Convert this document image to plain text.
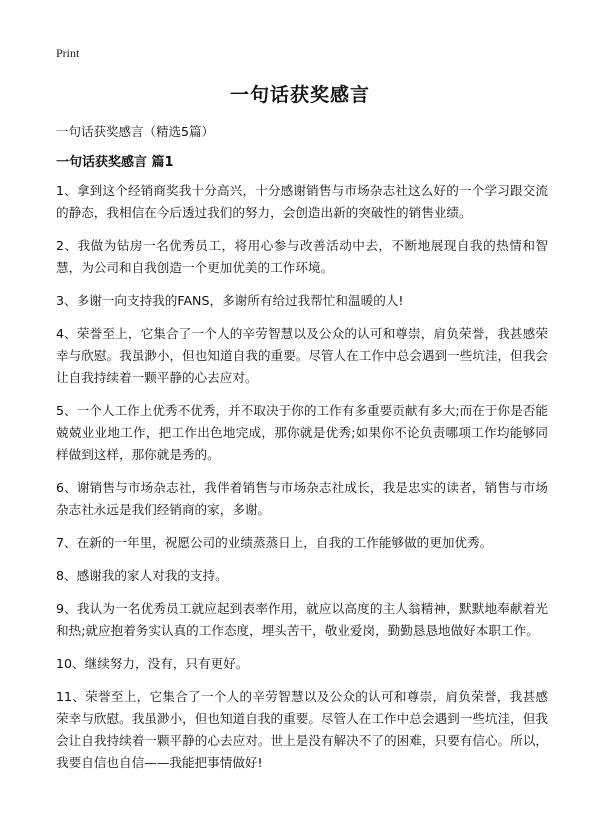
Print
一句话获奖感言
一句话获奖感言（精选5篇）
一句话获奖感言 篇1

1、拿到这个经销商奖我十分高兴，十分感谢销售与市场杂志社这么好的一个学习跟交流的静态，我相信在今后透过我们的努力，会创造出新的突破性的销售业绩。

2、我做为钻房一名优秀员工，将用心参与改善活动中去，不断地展现自我的热情和智慧，为公司和自我创造一个更加优美的工作环境。

3、多谢一向支持我的FANS，多谢所有给过我帮忙和温暖的人!

4、荣誉至上，它集合了一个人的辛劳智慧以及公众的认可和尊崇，肩负荣誉，我甚感荣幸与欣慰。我虽渺小，但也知道自我的重要。尽管人在工作中总会遇到一些坑洼，但我会让自我持续着一颗平静的心去应对。

5、一个人工作上优秀不优秀，并不取决于你的工作有多重要贡献有多大;而在于你是否能兢兢业业地工作，把工作出色地完成，那你就是优秀;如果你不论负责哪项工作均能够同样做到这样，那你就是秀的。

6、谢销售与市场杂志社，我伴着销售与市场杂志社成长，我是忠实的读者，销售与市场杂志社永远是我们经销商的家，多谢。

7、在新的一年里，祝愿公司的业绩蒸蒸日上，自我的工作能够做的更加优秀。

8、感谢我的家人对我的支持。

9、我认为一名优秀员工就应起到表率作用，就应以高度的主人翁精神，默默地奉献着光和热;就应抱着务实认真的工作态度，埋头苦干，敬业爱岗，勤勤恳恳地做好本职工作。

10、继续努力，没有，只有更好。

11、荣誉至上，它集合了一个人的辛劳智慧以及公众的认可和尊崇，肩负荣誉，我甚感荣幸与欣慰。我虽渺小，但也知道自我的重要。尽管人在工作中总会遇到一些坑洼，但我会让自我持续着一颗平静的心去应对。世上是没有解决不了的困难，只要有信心。所以，我要自信也自信——我能把事情做好!
